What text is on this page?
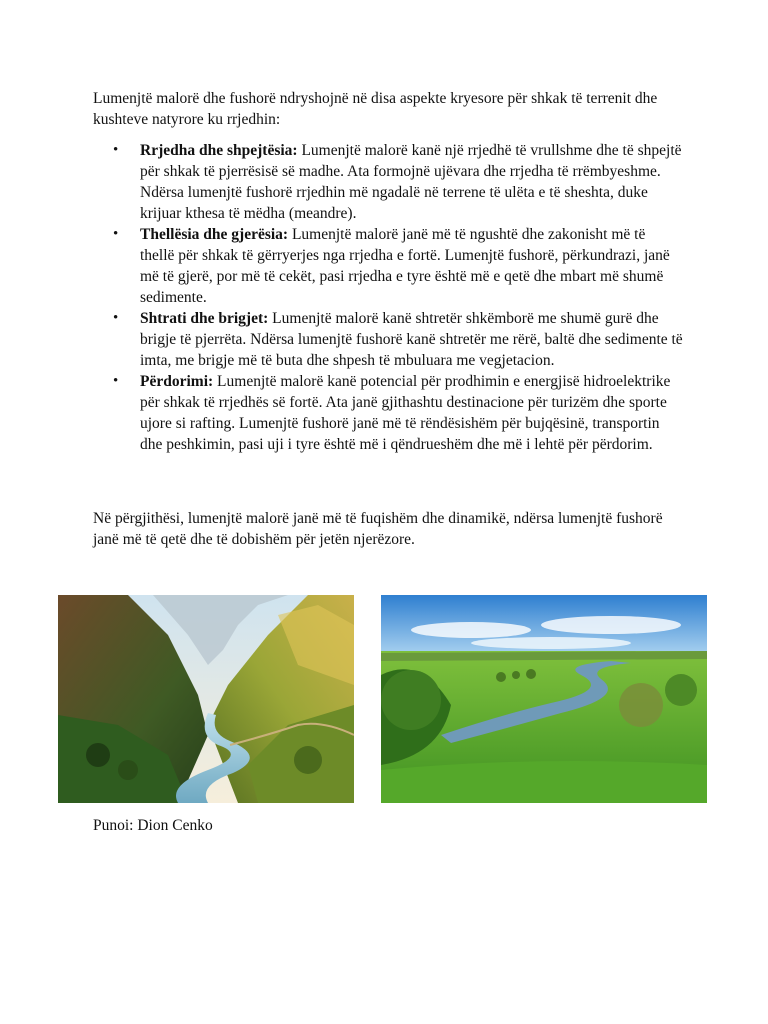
Lumenjtë malorë dhe fushorë ndryshojnë në disa aspekte kryesore për shkak të terrenit dhe kushteve natyrore ku rrjedhin:

• Rrjedha dhe shpejtësia: Lumenjtë malorë kanë një rrjedhë të vrullshme dhe të shpejtë për shkak të pjerrësisë së madhe. Ata formojnë ujëvara dhe rrjedha të rrëmbyeshme. Ndërsa lumenjtë fushorë rrjedhin më ngadalë në terrene të ulëta e të sheshta, duke krijuar kthesa të mëdha (meandre).
• Thellësia dhe gjerësia: Lumenjtë malorë janë më të ngushtë dhe zakonisht më të thellë për shkak të gërryerjes nga rrjedha e fortë. Lumenjtë fushorë, përkundrazi, janë më të gjerë, por më të cekët, pasi rrjedha e tyre është më e qetë dhe mbart më shumë sedimente.
• Shtrati dhe brigjet: Lumenjtë malorë kanë shtretër shkëmborë me shumë gurë dhe brigje të pjerrëta. Ndërsa lumenjtë fushorë kanë shtretër me rërë, baltë dhe sedimente të imta, me brigje më të buta dhe shpesh të mbuluara me vegjetacion.
• Përdorimi: Lumenjtë malorë kanë potencial për prodhimin e energjisë hidroelektrike për shkak të rrjedhës së fortë. Ata janë gjithashtu destinacione për turizëm dhe sporte ujore si rafting. Lumenjtë fushorë janë më të rëndësishëm për bujqësinë, transportin dhe peshkimin, pasi uji i tyre është më i qëndrueshëm dhe më i lehtë për përdorim.

Në përgjithësi, lumenjtë malorë janë më të fuqishëm dhe dinamikë, ndërsa lumenjtë fushorë janë më të qetë dhe të dobishëm për jetën njerëzore.

Punoi: Dion Cenko
